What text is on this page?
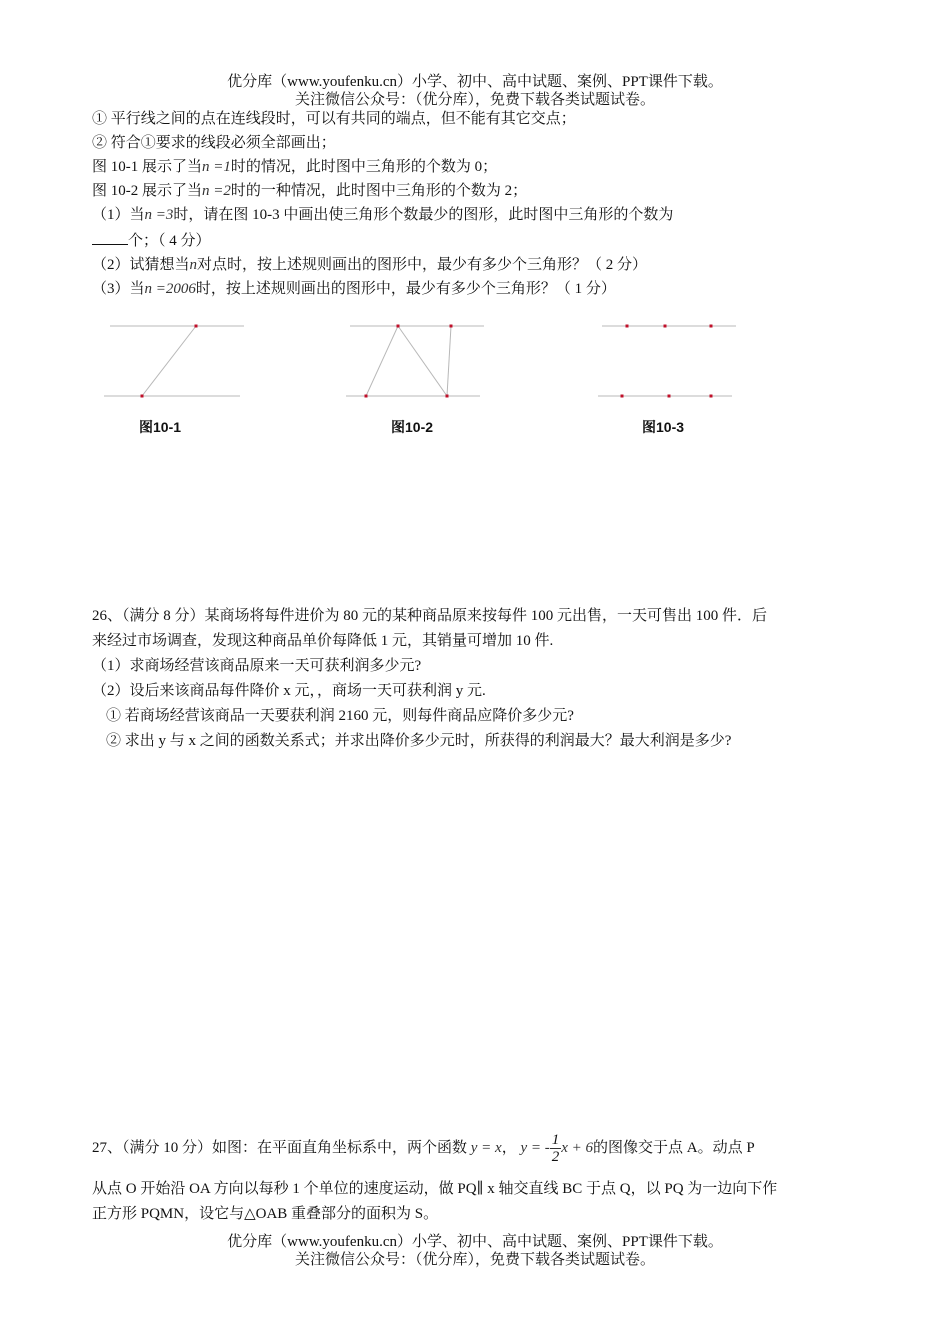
优分库（www.youfenku.cn）小学、初中、高中试题、案例、PPT课件下载。
关注微信公众号：（优分库），免费下载各类试题试卷。
① 平行线之间的点在连线段时，可以有共同的端点，但不能有其它交点；
② 符合①要求的线段必须全部画出；
图 10-1 展示了当n =1时的情况，此时图中三角形的个数为 0；
图 10-2 展示了当n =2时的一种情况，此时图中三角形的个数为 2；
（1）当n =3时，请在图 10-3 中画出使三角形个数最少的图形，此时图中三角形的个数为
个；（ 4 分）
（2）试猜想当n对点时，按上述规则画出的图形中，最少有多少个三角形？（ 2 分）
（3）当n =2006时，按上述规则画出的图形中，最少有多少个三角形？（ 1 分）
图10-1	图10-2	图10-3
26、（满分 8 分）某商场将每件进价为 80 元的某种商品原来按每件 100 元出售，一天可售出 100 件．后
来经过市场调查，发现这种商品单价每降低 1 元，其销量可增加 10 件.
（1）求商场经营该商品原来一天可获利润多少元?
（2）设后来该商品每件降价 x 元，，商场一天可获利润 y 元.
① 若商场经营该商品一天要获利润 2160 元，则每件商品应降价多少元?
② 求出 y 与 x 之间的函数关系式；并求出降价多少元时，所获得的利润最大？最大利润是多少?
27、（满分 10 分）如图：在平面直角坐标系中，两个函数 y = x， y = - $\frac{1}{2}$ x + 6的图像交于点 A。动点 P
从点 O 开始沿 OA 方向以每秒 1 个单位的速度运动，做 PQ∥ x 轴交直线 BC 于点 Q，以 PQ 为一边向下作
正方形 PQMN，设它与△OAB 重叠部分的面积为 S。
优分库（www.youfenku.cn）小学、初中、高中试题、案例、PPT课件下载。
关注微信公众号：（优分库），免费下载各类试题试卷。
